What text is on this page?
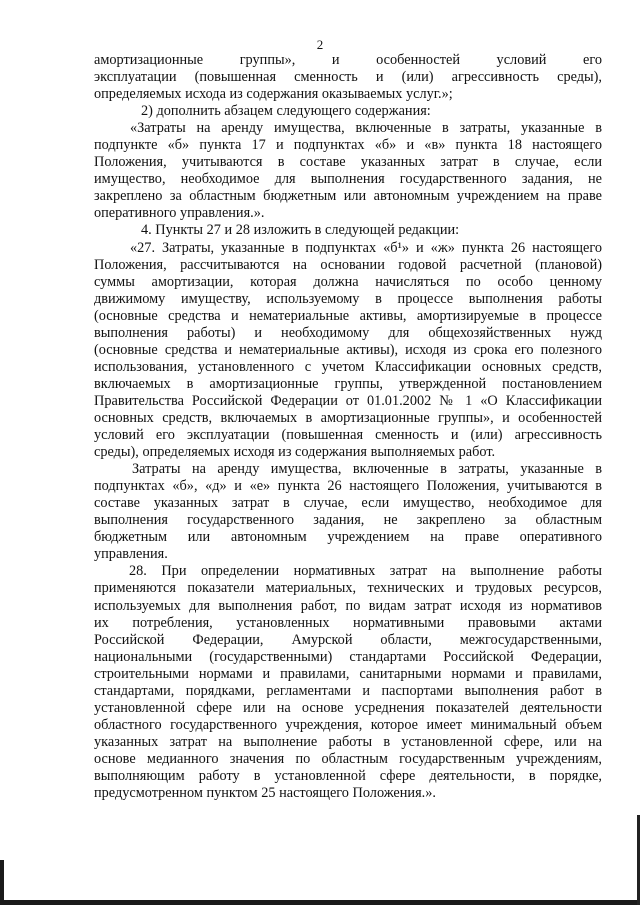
2
амортизационные группы», и особенностей условий его
эксплуатации (повышенная сменность и (или) агрессивность среды),
определяемых исхода из содержания оказываемых услуг.»;
2) дополнить абзацем следующего содержания:
«Затраты на аренду имущества, включенные в затраты, указанные в
подпункте «б» пункта 17 и подпунктах «б» и «в» пункта 18 настоящего
Положения, учитываются в составе указанных затрат в случае, если
имущество, необходимое для выполнения государственного задания, не
закреплено за областным бюджетным или автономным учреждением на праве
оперативного управления.».
4. Пункты 27 и 28 изложить в следующей редакции:
«27. Затраты, указанные в подпунктах «б¹» и «ж» пункта 26 настоящего
Положения, рассчитываются на основании годовой расчетной (плановой)
суммы амортизации, которая должна начисляться по особо ценному
движимому имуществу, используемому в процессе выполнения работы
(основные средства и нематериальные активы, амортизируемые в процессе
выполнения работы) и необходимому для общехозяйственных нужд
(основные средства и нематериальные активы), исходя из срока его полезного
использования, установленного с учетом Классификации основных средств,
включаемых в амортизационные группы, утвержденной постановлением
Правительства Российской Федерации от 01.01.2002 № 1 «О Классификации
основных средств, включаемых в амортизационные группы», и особенностей
условий его эксплуатации (повышенная сменность и (или) агрессивность
среды), определяемых исходя из содержания выполняемых работ.
Затраты на аренду имущества, включенные в затраты, указанные в
подпунктах «б», «д» и «е» пункта 26 настоящего Положения, учитываются в
составе указанных затрат в случае, если имущество, необходимое для
выполнения государственного задания, не закреплено за областным
бюджетным или автономным учреждением на праве оперативного
управления.
28. При определении нормативных затрат на выполнение работы
применяются показатели материальных, технических и трудовых ресурсов,
используемых для выполнения работ, по видам затрат исходя из нормативов
их потребления, установленных нормативными правовыми актами
Российской Федерации, Амурской области, межгосударственными,
национальными (государственными) стандартами Российской Федерации,
строительными нормами и правилами, санитарными нормами и правилами,
стандартами, порядками, регламентами и паспортами выполнения работ в
установленной сфере или на основе усреднения показателей деятельности
областного государственного учреждения, которое имеет минимальный объем
указанных затрат на выполнение работы в установленной сфере, или на
основе медианного значения по областным государственным учреждениям,
выполняющим работу в установленной сфере деятельности, в порядке,
предусмотренном пунктом 25 настоящего Положения.».
